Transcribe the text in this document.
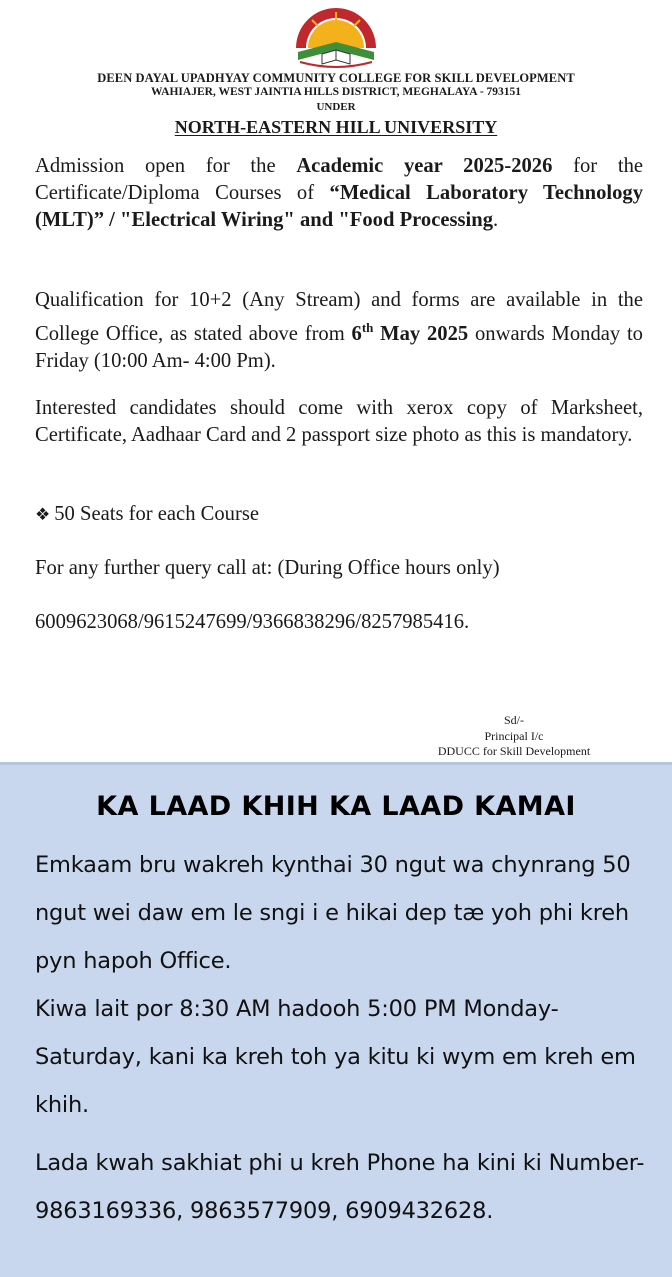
DEEN DAYAL UPADHYAY COMMUNITY COLLEGE FOR SKILL DEVELOPMENT
WAHIAJER, WEST JAINTIA HILLS DISTRICT, MEGHALAYA - 793151
UNDER
NORTH-EASTERN HILL UNIVERSITY

Admission open for the Academic year 2025-2026 for the Certificate/Diploma Courses of “Medical Laboratory Technology (MLT)” / "Electrical Wiring" and "Food Processing.

Qualification for 10+2 (Any Stream) and forms are available in the College Office, as stated above from 6th May 2025 onwards Monday to Friday (10:00 Am- 4:00 Pm).

Interested candidates should come with xerox copy of Marksheet, Certificate, Aadhaar Card and 2 passport size photo as this is mandatory.

❖ 50 Seats for each Course

For any further query call at: (During Office hours only)

6009623068/9615247699/9366838296/8257985416.

Sd/-
Principal I/c
DDUCC for Skill Development
KA LAAD KHIH KA LAAD KAMAI

Emkaam bru wakreh kynthai 30 ngut wa chynrang 50 ngut wei daw em le sngi i e hikai dep tæ yoh phi kreh pyn hapoh Office.

Kiwa lait por 8:30 AM hadooh 5:00 PM Monday-Saturday, kani ka kreh toh ya kitu ki wym em kreh em khih.

Lada kwah sakhiat phi u kreh Phone ha kini ki Number- 9863169336, 9863577909, 6909432628.
